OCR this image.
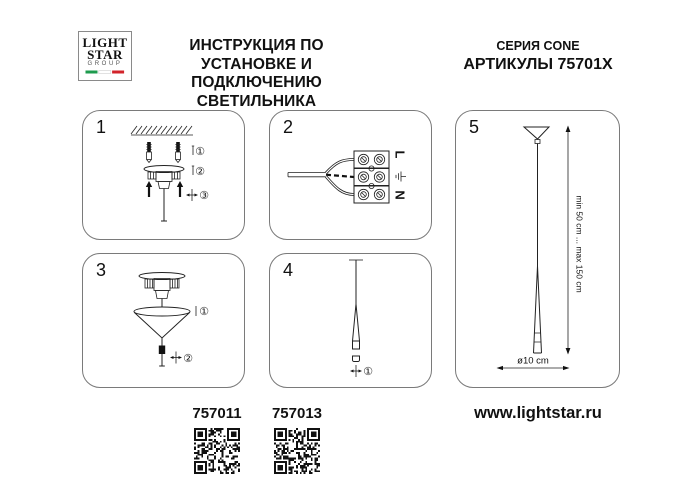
LIGHT
STAR
GROUP
ИНСТРУКЦИЯ ПО УСТАНОВКЕ И
ПОДКЛЮЧЕНИЮ СВЕТИЛЬНИКА
СЕРИЯ CONE
АРТИКУЛЫ 75701X
1
①
②
③
2
L
N
3
①
②
4
①
5
min 50 cm ... max 150 cm
ø10 cm
757011	757013	www.lightstar.ru
